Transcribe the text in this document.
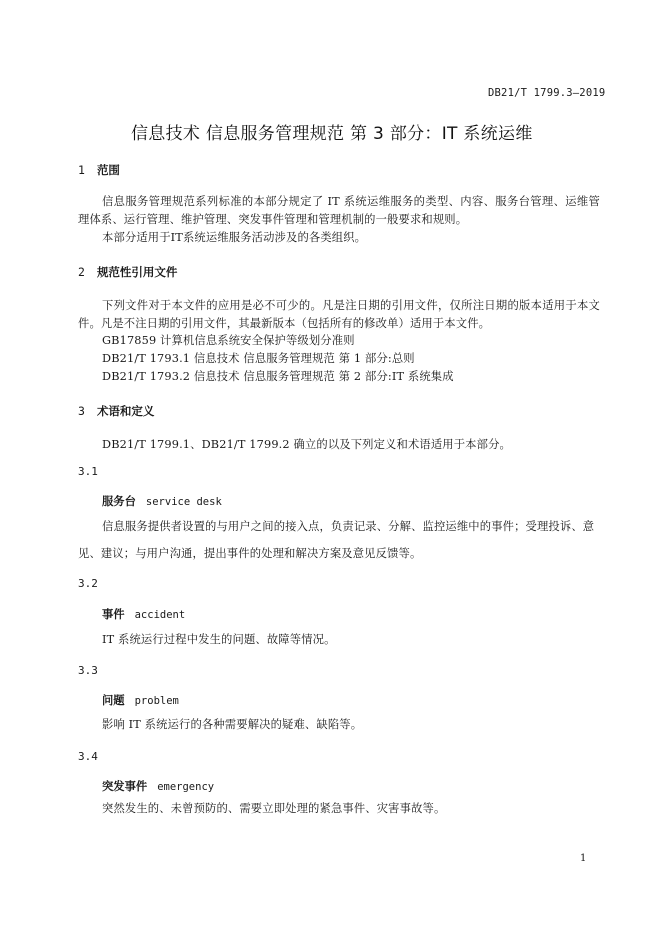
DB21/T 1799.3—2019
信息技术 信息服务管理规范 第 3 部分：IT 系统运维
1 范围
信息服务管理规范系列标准的本部分规定了 IT 系统运维服务的类型、内容、服务台管理、运维管理体系、运行管理、维护管理、突发事件管理和管理机制的一般要求和规则。
本部分适用于IT系统运维服务活动涉及的各类组织。
2 规范性引用文件
下列文件对于本文件的应用是必不可少的。凡是注日期的引用文件，仅所注日期的版本适用于本文件。凡是不注日期的引用文件，其最新版本（包括所有的修改单）适用于本文件。
GB17859 计算机信息系统安全保护等级划分准则
DB21/T 1793.1 信息技术 信息服务管理规范 第 1 部分:总则
DB21/T 1793.2 信息技术 信息服务管理规范 第 2 部分:IT 系统集成
3 术语和定义
DB21/T 1799.1、DB21/T 1799.2 确立的以及下列定义和术语适用于本部分。
3.1
服务台 service desk
信息服务提供者设置的与用户之间的接入点，负责记录、分解、监控运维中的事件；受理投诉、意
见、建议；与用户沟通，提出事件的处理和解决方案及意见反馈等。
3.2
事件 accident
IT 系统运行过程中发生的问题、故障等情况。
3.3
问题 problem
影响 IT 系统运行的各种需要解决的疑难、缺陷等。
3.4
突发事件 emergency
突然发生的、未曾预防的、需要立即处理的紧急事件、灾害事故等。
1
